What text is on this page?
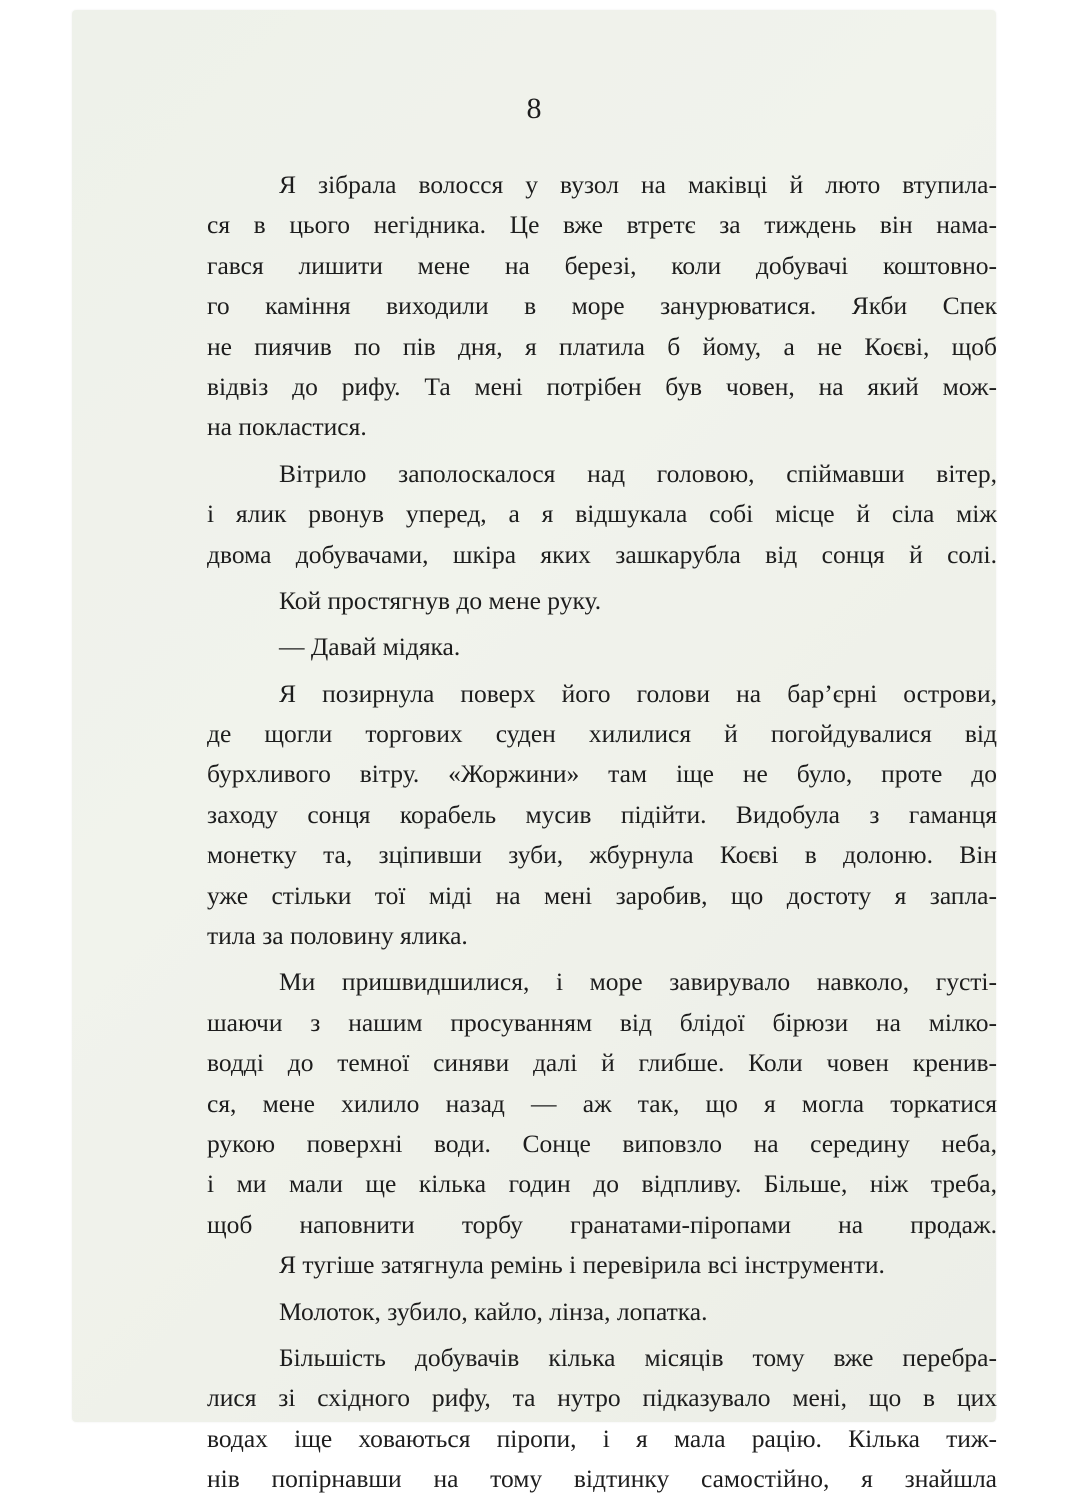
8
Я зібрала волосся у вузол на маківці й люто втупила-
ся в цього негідника. Це вже втретє за тиждень він нама-
гався лишити мене на березі, коли добувачі коштовно-
го каміння виходили в море занурюватися. Якби Спек
не пиячив по пів дня, я платила б йому, а не Коєві, щоб
відвіз до рифу. Та мені потрібен був човен, на який мож-
на покластися.
Вітрило заполоскалося над головою, спіймавши вітер,
і ялик рвонув уперед, а я відшукала собі місце й сіла між
двома добувачами, шкіра яких зашкарубла від сонця й солі.
Кой простягнув до мене руку.
— Давай мідяка.
Я позирнула поверх його голови на бар’єрні острови,
де щогли торгових суден хилилися й погойдувалися від
бурхливого вітру. «Жоржини» там іще не було, проте до
заходу сонця корабель мусив підійти. Видобула з гаманця
монетку та, зціпивши зуби, жбурнула Коєві в долоню. Він
уже стільки тої міді на мені заробив, що достоту я запла-
тила за половину ялика.
Ми пришвидшилися, і море завирувало навколо, густі-
шаючи з нашим просуванням від блідої бірюзи на мілко-
водді до темної синяви далі й глибше. Коли човен кренив-
ся, мене хилило назад — аж так, що я могла торкатися
рукою поверхні води. Сонце виповзло на середину неба,
і ми мали ще кілька годин до відпливу. Більше, ніж треба,
щоб наповнити торбу гранатами-піропами на продаж.
Я тугіше затягнула ремінь і перевірила всі інструменти.
Молоток, зубило, кайло, лінза, лопатка.
Більшість добувачів кілька місяців тому вже перебра-
лися зі східного рифу, та нутро підказувало мені, що в цих
водах іще ховаються піропи, і я мала рацію. Кілька тиж-
нів попірнавши на тому відтинку самостійно, я знайшла
